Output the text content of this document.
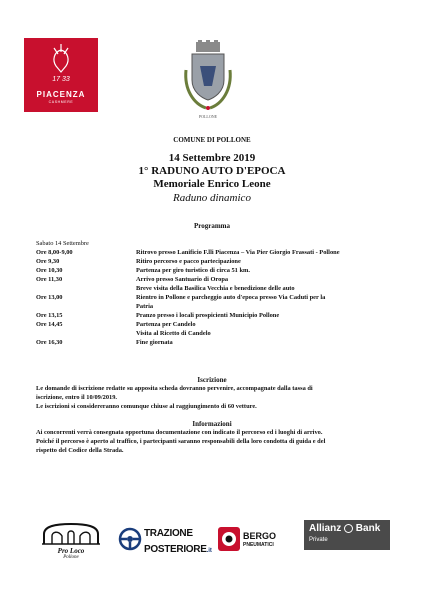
17 33
PIACENZA
CASHMERE
POLLONE
COMUNE DI POLLONE
14 Settembre 2019
1° RADUNO AUTO D'EPOCA
Memoriale Enrico Leone
Raduno dinamico
Programma
Sabato 14 Settembre
Ore 8,00-9,00	Ritrovo presso Lanificio F.lli Piacenza – Via Pier Giorgio Frassati - Pollone
Ore 9,30	Ritiro percorso e pacco partecipazione
Ore 10,30	Partenza per giro turistico di circa 51 km.
Ore 11,30	Arrivo presso Santuario di Oropa
Breve visita della Basilica Vecchia e benedizione delle auto
Ore 13,00	Rientro in Pollone e parcheggio auto d'epoca presso Via Caduti per la
Patria
Ore 13,15	Pranzo presso i locali prospicienti Municipio Pollone
Ore 14,45	Partenza per Candelo
Visita al Ricetto di Candelo
Ore 16,30	Fine giornata
Iscrizione
Le domande di iscrizione redatte su apposita scheda dovranno pervenire, accompagnate dalla tassa di
iscrizione, entro il 10/09/2019.
Le iscrizioni si considereranno comunque chiuse al raggiungimento di 60 vetture.
Informazioni
Ai concorrenti verrà consegnata opportuna documentazione con indicato il percorso ed i luoghi di arrivo.
Poiché il percorso è aperto al traffico, i partecipanti saranno responsabili della loro condotta di guida e del
rispetto del Codice della Strada.
Pro Loco
Pollone
TRAZIONE
POSTERIORE.it
BERGO
PNEUMATICI
Allianz Bank
Private
